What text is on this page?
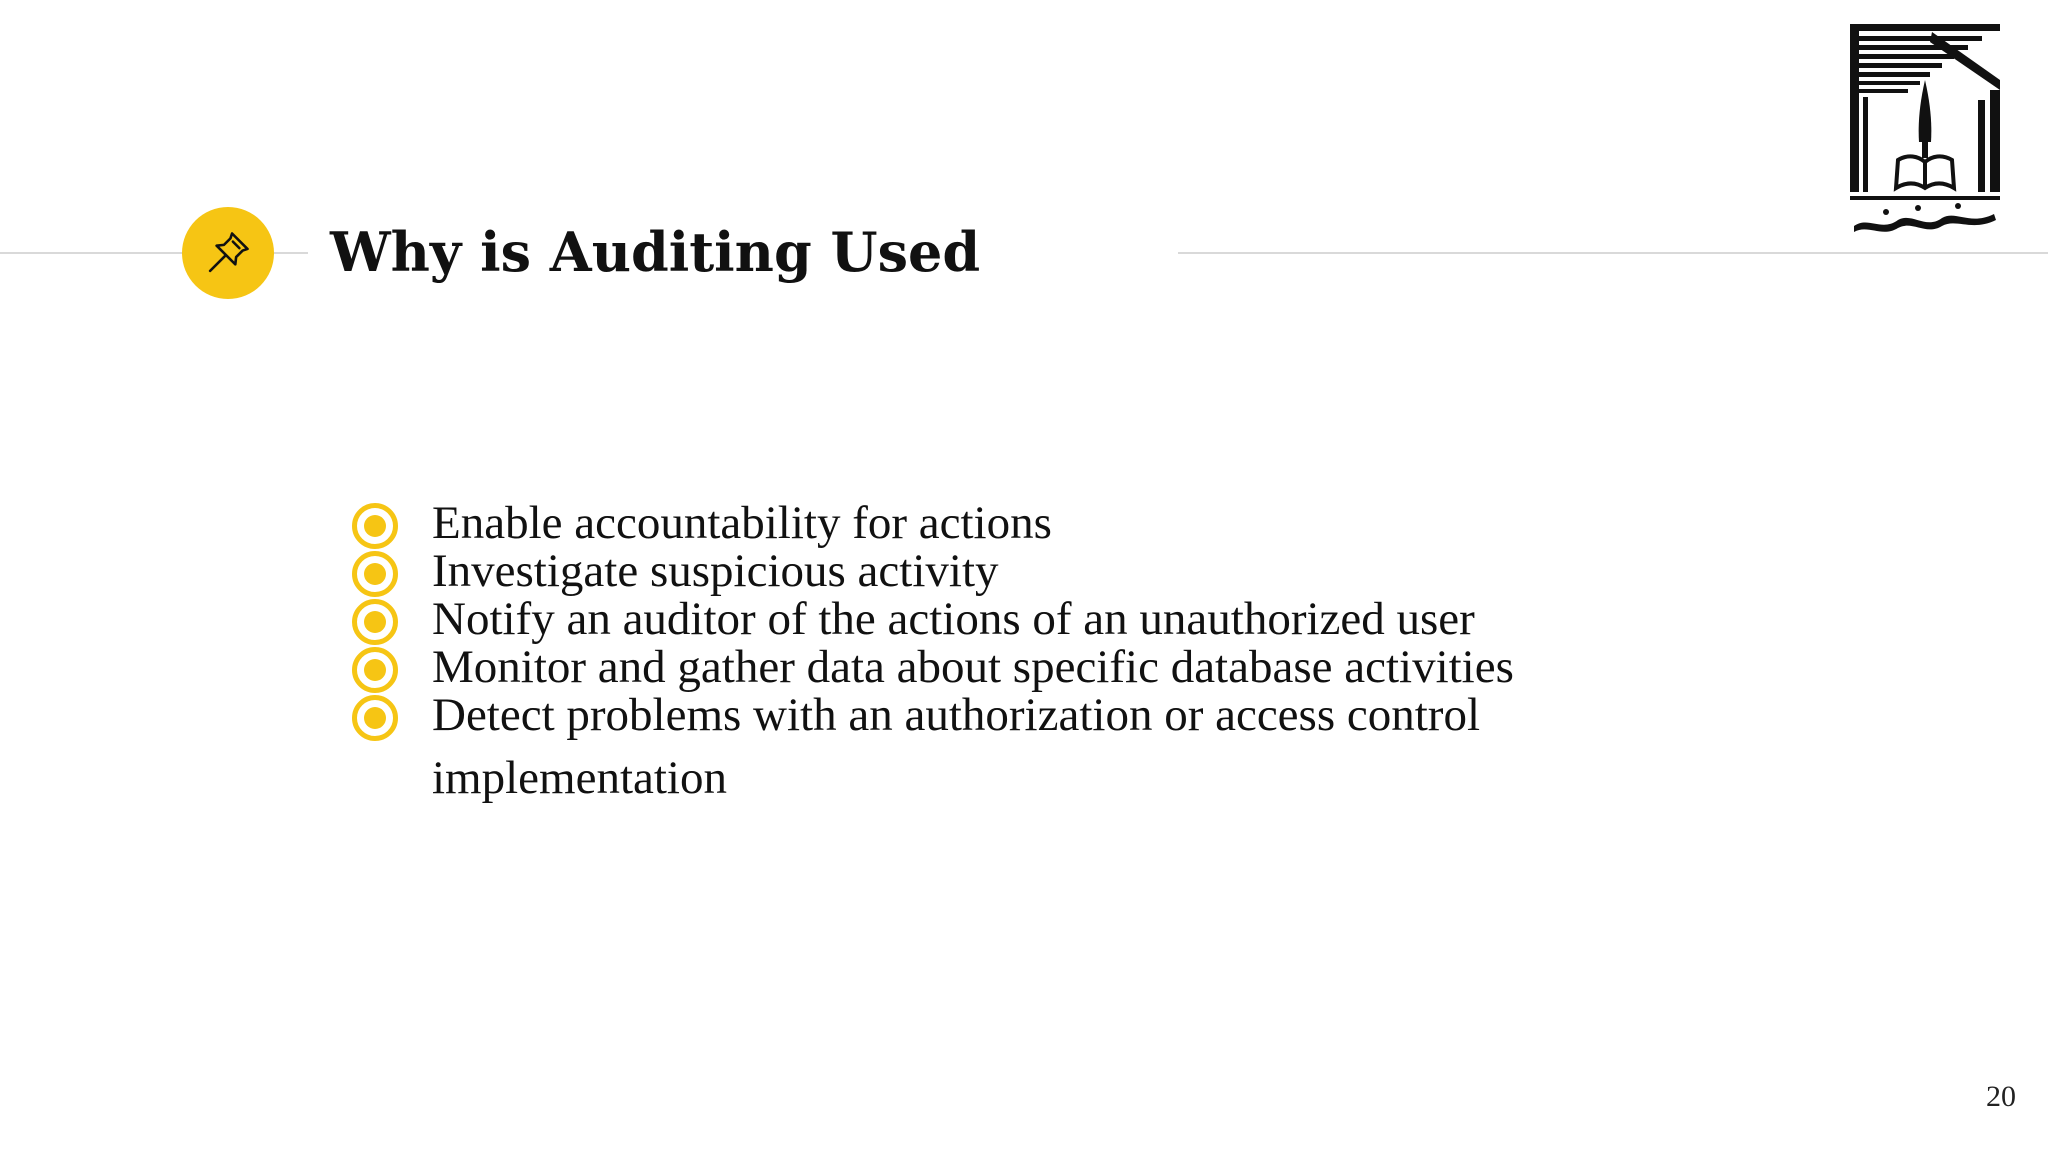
Why is Auditing Used
Enable accountability for actions
Investigate suspicious activity
Notify an auditor of the actions of an unauthorized user
Monitor and gather data about specific database activities
Detect problems with an authorization or access control implementation
20
